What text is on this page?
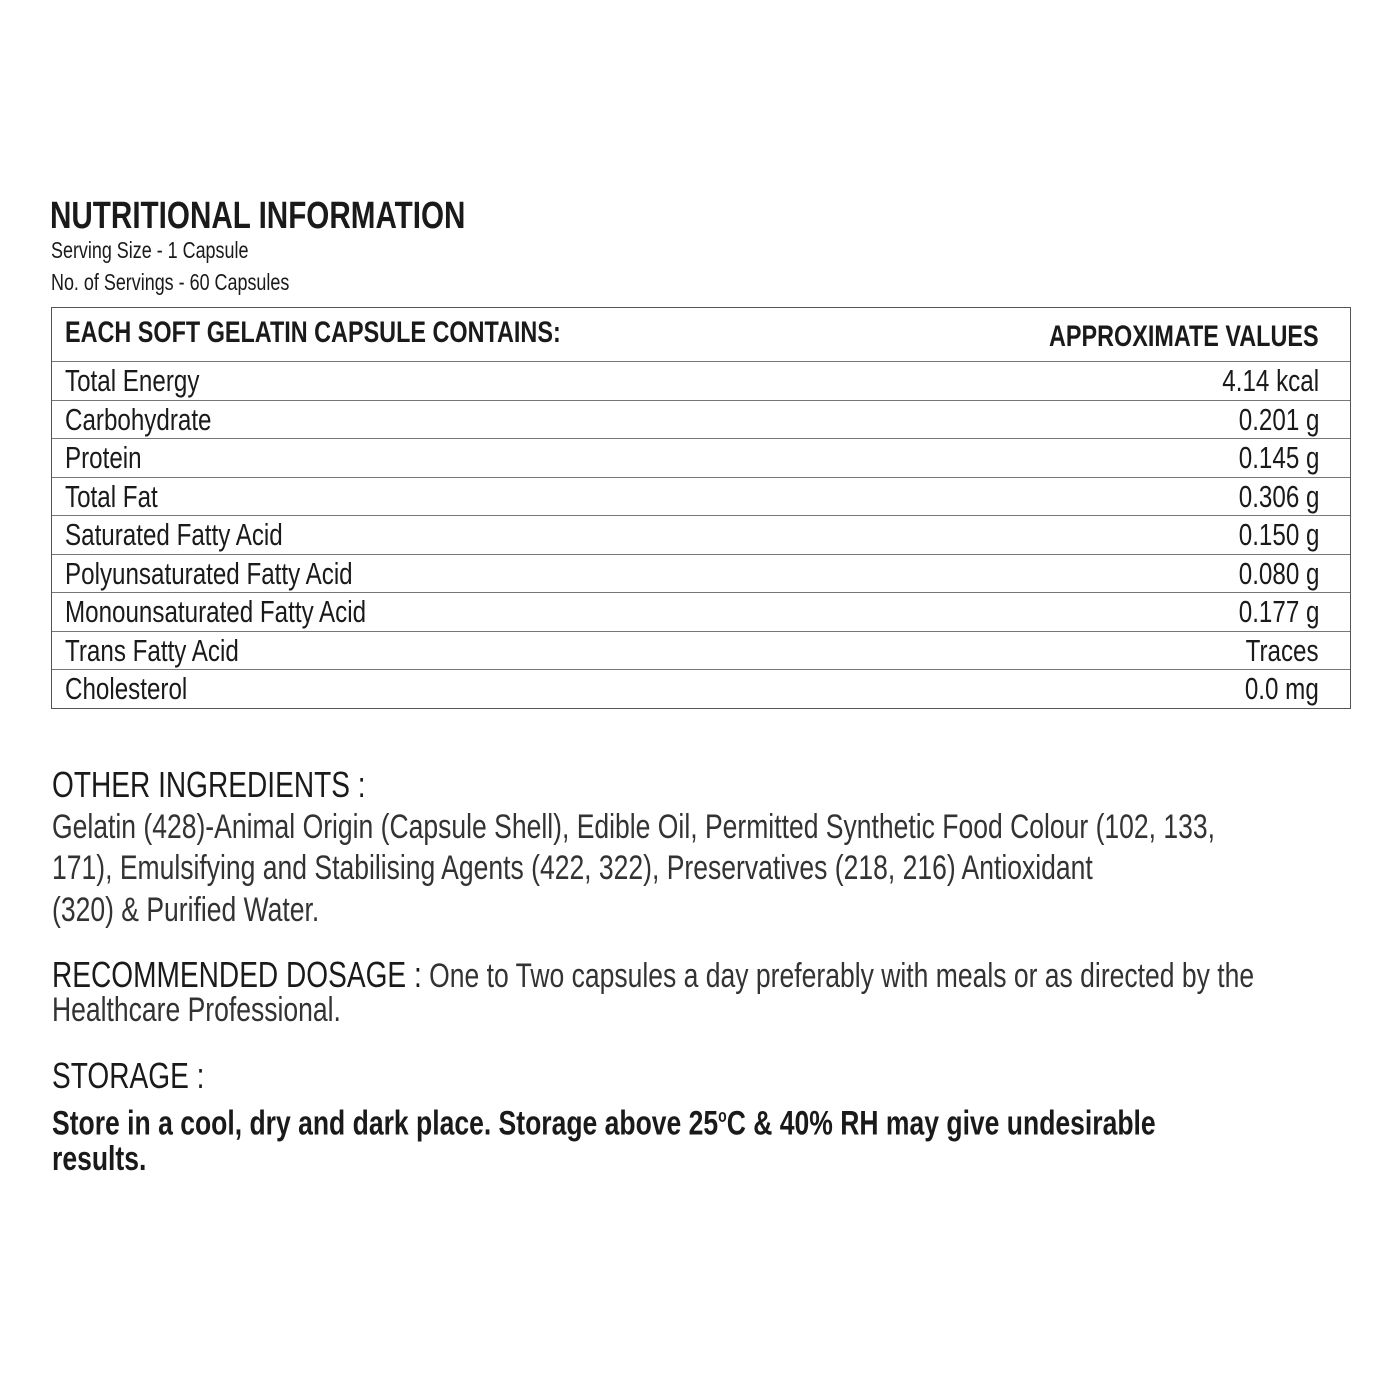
NUTRITIONAL INFORMATION
Serving Size - 1 Capsule
No. of Servings - 60 Capsules
EACH SOFT GELATIN CAPSULE CONTAINS:	APPROXIMATE VALUES
Total Energy	4.14 kcal
Carbohydrate	0.201 g
Protein	0.145 g
Total Fat	0.306 g
Saturated Fatty Acid	0.150 g
Polyunsaturated Fatty Acid	0.080 g
Monounsaturated Fatty Acid	0.177 g
Trans Fatty Acid	Traces
Cholesterol	0.0 mg
OTHER INGREDIENTS :
Gelatin (428)-Animal Origin (Capsule Shell), Edible Oil, Permitted Synthetic Food Colour (102, 133,
171), Emulsifying and Stabilising Agents (422, 322), Preservatives (218, 216) Antioxidant
(320) & Purified Water.
RECOMMENDED DOSAGE : One to Two capsules a day preferably with meals or as directed by the
Healthcare Professional.
STORAGE :
Store in a cool, dry and dark place. Storage above 25$^o$C & 40% RH may give undesirable
results.
